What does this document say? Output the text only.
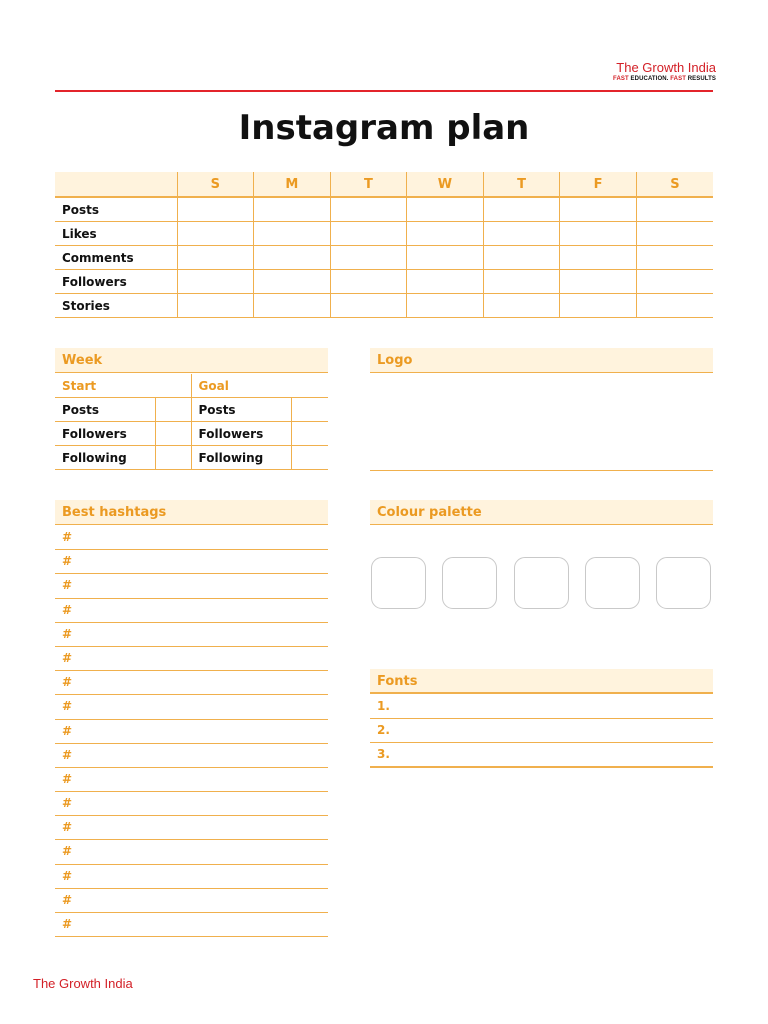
The Growth India
FAST EDUCATION. FAST RESULTS
Instagram plan
	S	M	T	W	T	F	S
Posts							
Likes							
Comments							
Followers							
Stories							
Week
Start		Goal	
Posts		Posts	
Followers		Followers	
Following		Following	
Logo
Best hashtags
#
#
#
#
#
#
#
#
#
#
#
#
#
#
#
#
#
Colour palette
Fonts
1.
2.
3.
The Growth India
